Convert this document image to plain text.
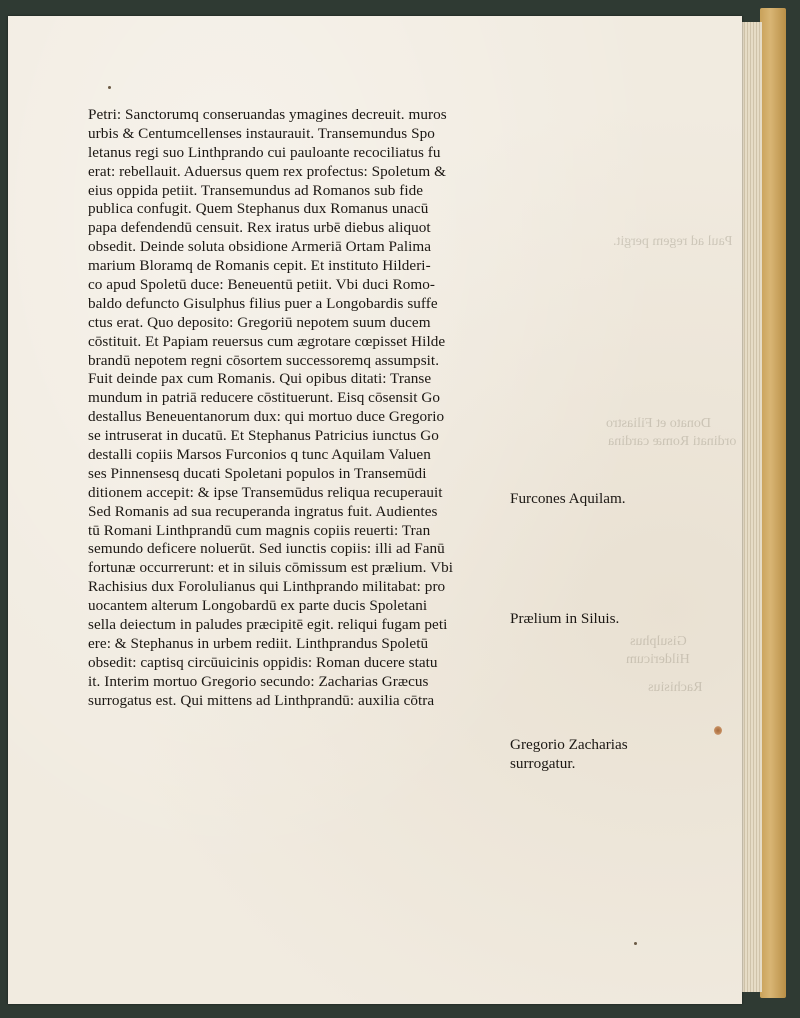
Paul ad regem pergit.
Donato et Filiastro
ordinati Romæ cardina
Gisulphus
Hildericum
Rachisius
Petri: Sanctorumq conseruandas ymagines decreuit. muros
urbis & Centumcellenses instaurauit. Transemundus Spo
letanus regi suo Linthprando cui pauloante recociliatus fu
erat: rebellauit. Aduersus quem rex profectus: Spoletum &
eius oppida petiit. Transemundus ad Romanos sub fide
publica confugit. Quem Stephanus dux Romanus unacū
papa defendendū censuit. Rex iratus urbē diebus aliquot
obsedit. Deinde soluta obsidione Armeriā Ortam Palima
marium Bloramq de Romanis cepit. Et instituto Hilderi-
co apud Spoletū duce: Beneuentū petiit. Vbi duci Romo-
baldo defuncto Gisulphus filius puer a Longobardis suffe
ctus erat. Quo deposito: Gregoriū nepotem suum ducem
cōstituit. Et Papiam reuersus cum ægrotare cœpisset Hilde
brandū nepotem regni cōsortem successoremq assumpsit.
Fuit deinde pax cum Romanis. Qui opibus ditati: Transe
mundum in patriā reducere cōstituerunt. Eisq cōsensit Go
destallus Beneuentanorum dux: qui mortuo duce Gregorio
se intruserat in ducatū. Et Stephanus Patricius iunctus Go
destalli copiis Marsos Furconios q tunc Aquilam Valuen
ses Pinnensesq ducati Spoletani populos in Transemūdi
ditionem accepit: & ipse Transemūdus reliqua recuperauit
Sed Romanis ad sua recuperanda ingratus fuit. Audientes
tū Romani Linthprandū cum magnis copiis reuerti: Tran
semundo deficere noluerūt. Sed iunctis copiis: illi ad Fanū
fortunæ occurrerunt: et in siluis cōmissum est prælium. Vbi
Rachisius dux Forolulianus qui Linthprando militabat: pro
uocantem alterum Longobardū ex parte ducis Spoletani
sella deiectum in paludes præcipitē egit. reliqui fugam peti
ere: & Stephanus in urbem rediit. Linthprandus Spoletū
obsedit: captisq circūuicinis oppidis: Roman ducere statu
it. Interim mortuo Gregorio secundo: Zacharias Græcus
surrogatus est. Qui mittens ad Linthprandū: auxilia cōtra
Furcones Aquilam.
Prælium in Siluis.
Gregorio Zacharias
surrogatur.
